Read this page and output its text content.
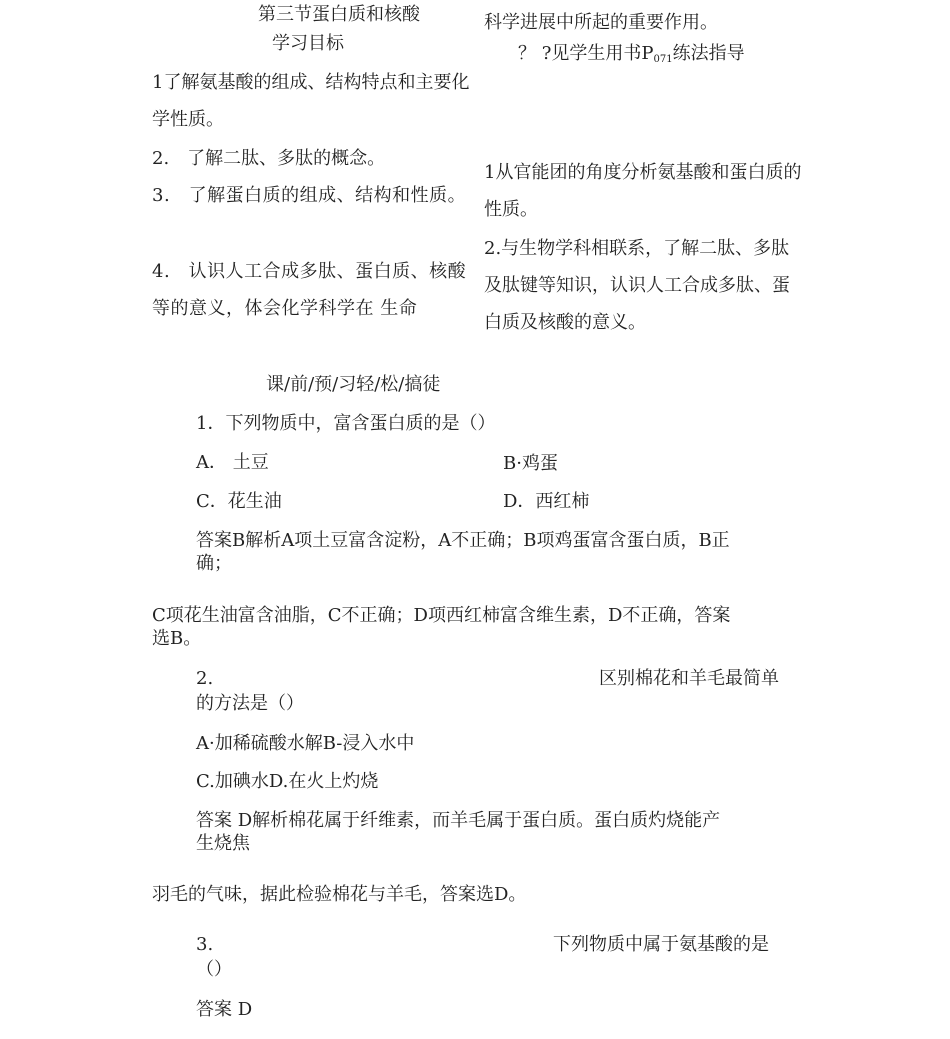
第三节蛋白质和核酸
学习目标
1了解氨基酸的组成、结构特点和主要化学性质。
2.　了解二肽、多肽的概念。
3.　了解蛋白质的组成、结构和性质。
4.　认识人工合成多肽、蛋白质、核酸等的意义，体会化学科学在 生命
科学进展中所起的重要作用。
？ ?见学生用书$P_{071}$练法指导
1从官能团的角度分析氨基酸和蛋白质的性质。
2.与生物学科相联系，了解二肽、多肽及肽键等知识，认识人工合成多肽、蛋白质及核酸的意义。
课/前/预/习轻/松/搞徒
1．下列物质中，富含蛋白质的是（）
A． 土豆	B·鸡蛋
C．花生油	D．西红柿
答案B解析A项土豆富含淀粉，A不正确；B项鸡蛋富含蛋白质，B正
确；
C项花生油富含油脂，C不正确；D项西红柿富含维生素，D不正确，答案
选B。
2.	区别棉花和羊毛最简单
的方法是（）
A·加稀硫酸水解B-浸入水中
C.加碘水D.在火上灼烧
答案 D解析棉花属于纤维素，而羊毛属于蛋白质。蛋白质灼烧能产
生烧焦
羽毛的气味，据此检验棉花与羊毛，答案选D。
3.	下列物质中属于氨基酸的是
（）
答案 D
